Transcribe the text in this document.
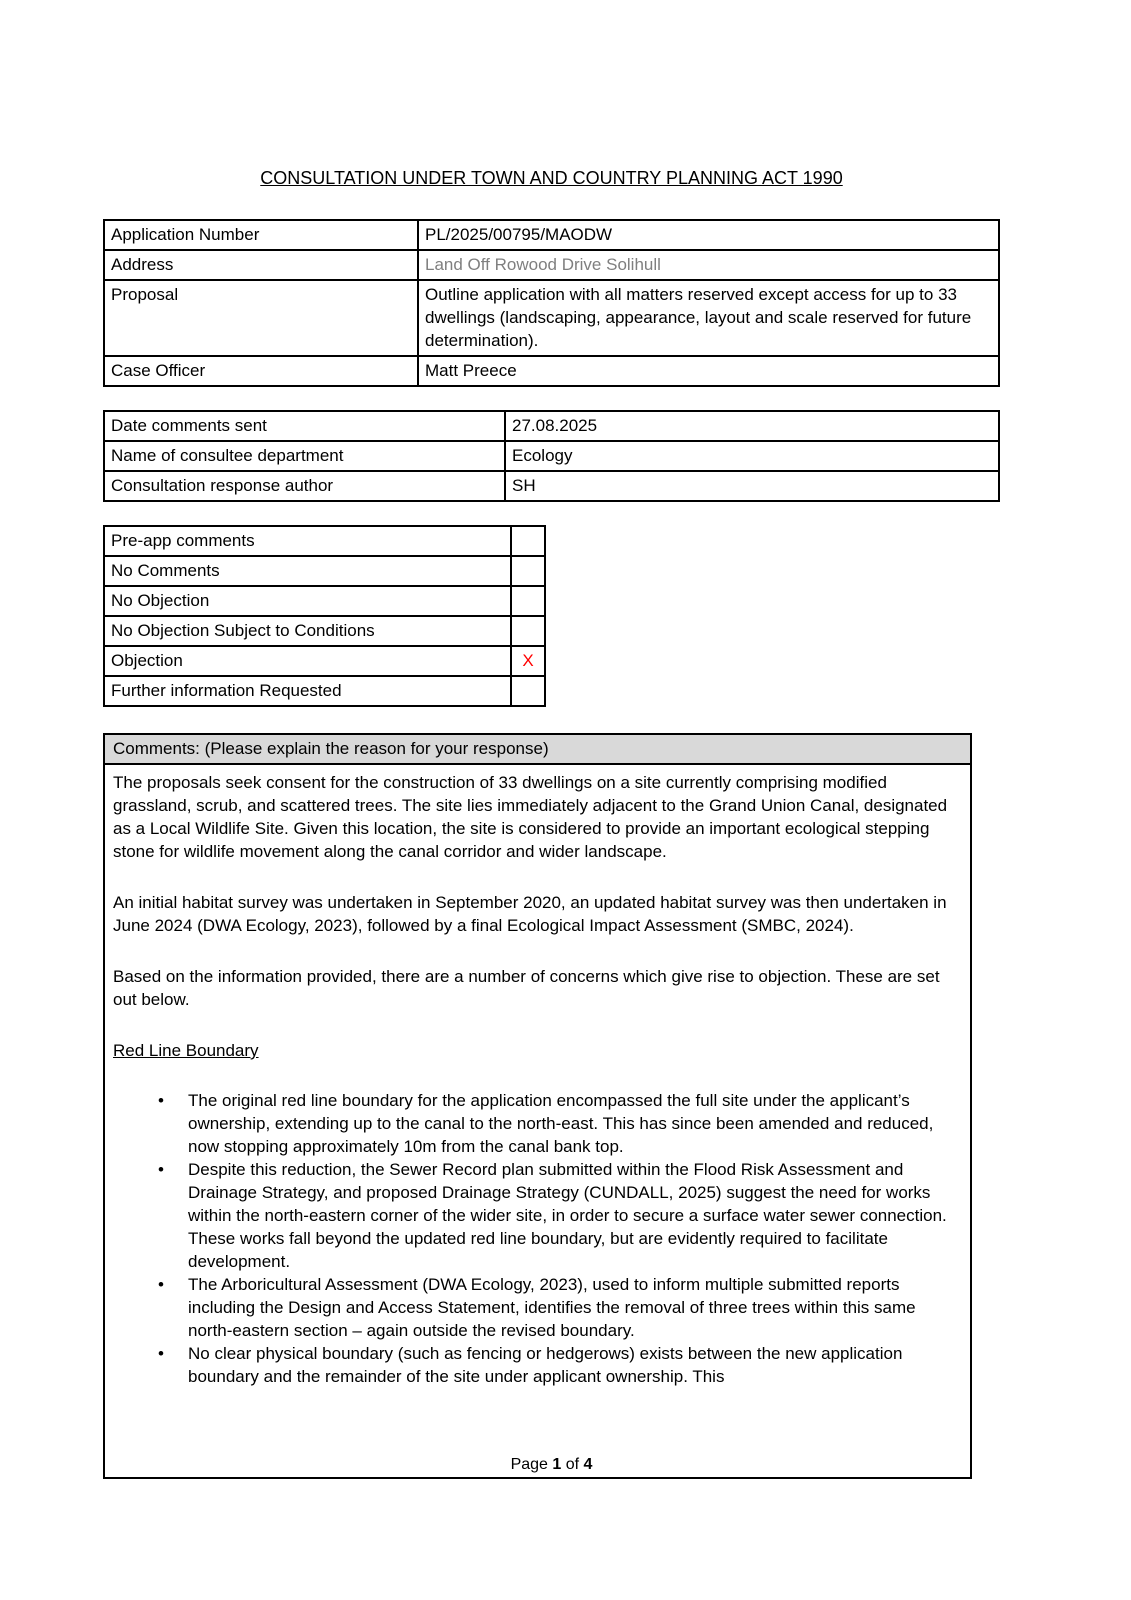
CONSULTATION UNDER TOWN AND COUNTRY PLANNING ACT 1990
Application Number	PL/2025/00795/MAODW
Address	Land Off Rowood Drive Solihull
Proposal	Outline application with all matters reserved except access for up to 33 dwellings (landscaping, appearance, layout and scale reserved for future determination).
Case Officer	Matt Preece
Date comments sent	27.08.2025
Name of consultee department	Ecology
Consultation response author	SH
Pre-app comments	
No Comments	
No Objection	
No Objection Subject to Conditions	
Objection	X
Further information Requested	
Comments: (Please explain the reason for your response)

The proposals seek consent for the construction of 33 dwellings on a site currently comprising modified grassland, scrub, and scattered trees. The site lies immediately adjacent to the Grand Union Canal, designated as a Local Wildlife Site. Given this location, the site is considered to provide an important ecological stepping stone for wildlife movement along the canal corridor and wider landscape.

An initial habitat survey was undertaken in September 2020, an updated habitat survey was then undertaken in June 2024 (DWA Ecology, 2023), followed by a final Ecological Impact Assessment (SMBC, 2024).

Based on the information provided, there are a number of concerns which give rise to objection. These are set out below.

Red Line Boundary
• The original red line boundary for the application encompassed the full site under the applicant’s ownership, extending up to the canal to the north-east. This has since been amended and reduced, now stopping approximately 10m from the canal bank top.
• Despite this reduction, the Sewer Record plan submitted within the Flood Risk Assessment and Drainage Strategy, and proposed Drainage Strategy (CUNDALL, 2025) suggest the need for works within the north-eastern corner of the wider site, in order to secure a surface water sewer connection. These works fall beyond the updated red line boundary, but are evidently required to facilitate development.
• The Arboricultural Assessment (DWA Ecology, 2023), used to inform multiple submitted reports including the Design and Access Statement, identifies the removal of three trees within this same north-eastern section – again outside the revised boundary.
• No clear physical boundary (such as fencing or hedgerows) exists between the new application boundary and the remainder of the site under applicant ownership. This
Page 1 of 4
